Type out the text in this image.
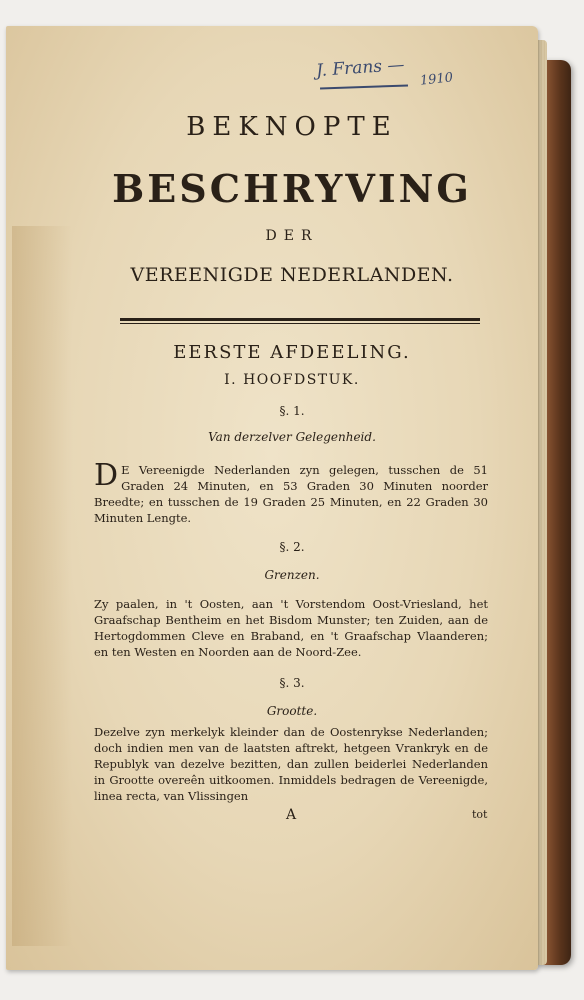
J. Frans — 1910
BEKNOPTE
BESCHRYVING
DER
VEREENIGDE NEDERLANDEN.
EERSTE AFDEELING.
I. HOOFDSTUK.
§. 1.
Van derzelver Gelegenheid.
D E Vereenigde Nederlanden zyn gelegen, tusschen de 51 Graden 24 Minuten, en 53 Graden 30 Minuten noorder Breedte; en tusschen de 19 Graden 25 Minuten, en 22 Graden 30 Minuten Lengte.
§. 2.
Grenzen.
Zy paalen, in 't Oosten, aan 't Vorstendom Oost-Vriesland, het Graafschap Bentheim en het Bisdom Munster; ten Zuiden, aan de Hertogdommen Cleve en Braband, en 't Graafschap Vlaanderen; en ten Westen en Noorden aan de Noord-Zee.
§. 3.
Grootte.
Dezelve zyn merkelyk kleinder dan de Oostenrykse Nederlanden; doch indien men van de laatsten aftrekt, hetgeen Vrankryk en de Republyk van dezelve bezitten, dan zullen beiderlei Nederlanden in Grootte overeên uitkoomen. Inmiddels bedragen de Vereenigde, linea recta, van Vlissingen
A	tot
